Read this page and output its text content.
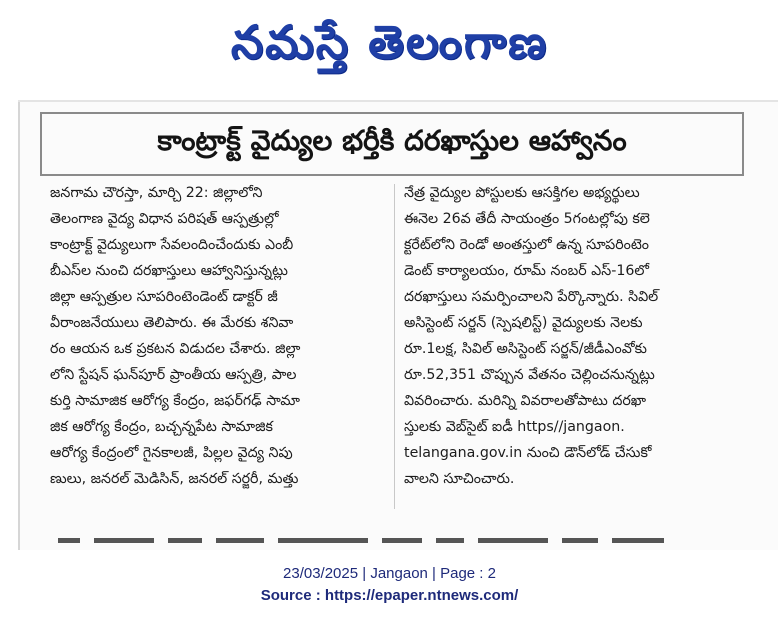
నమస్తే తెలంగాణ
కాంట్రాక్ట్ వైద్యుల భర్తీకి దరఖాస్తుల ఆహ్వానం
జనగామ చౌరస్తా, మార్చి 22: జిల్లాలోని
తెలంగాణ వైద్య విధాన పరిషత్ ఆస్పత్రుల్లో
కాంట్రాక్ట్ వైద్యులుగా సేవలందించేందుకు ఎంబీ
బీఎస్‌ల నుంచి దరఖాస్తులు ఆహ్వానిస్తున్నట్లు
జిల్లా ఆస్పత్రుల సూపరింటెండెంట్ డాక్టర్ జీ
వీరాంజనేయులు తెలిపారు. ఈ మేరకు శనివా
రం ఆయన ఒక ప్రకటన విడుదల చేశారు. జిల్లా
లోని స్టేషన్ ఘన్‌పూర్ ప్రాంతీయ ఆస్పత్రి, పాల
కుర్తి సామాజిక ఆరోగ్య కేంద్రం, జఫర్‌గఢ్ సామా
జిక ఆరోగ్య కేంద్రం, బచ్చన్నపేట సామాజిక
ఆరోగ్య కేంద్రంలో గైనకాలజీ, పిల్లల వైద్య నిపు
ణులు, జనరల్ మెడిసిన్, జనరల్ సర్జరీ, మత్తు
నేత్ర వైద్యుల పోస్టులకు ఆసక్తిగల అభ్యర్థులు
ఈనెల 26వ తేదీ సాయంత్రం 5గంటల్లోపు కలె
క్టరేట్‌లోని రెండో అంతస్తులో ఉన్న సూపరింటెం
డెంట్ కార్యాలయం, రూమ్ నంబర్ ఎస్-16లో
దరఖాస్తులు సమర్పించాలని పేర్కొన్నారు. సివిల్
అసిస్టెంట్ సర్జన్ (స్పెషలిస్ట్) వైద్యులకు నెలకు
రూ.1లక్ష, సివిల్ అసిస్టెంట్ సర్జన్/జీడీఎంవోకు
రూ.52,351 చొప్పున వేతనం చెల్లించనున్నట్లు
వివరించారు. మరిన్ని వివరాలతోపాటు దరఖా
స్తులకు వెబ్‌సైట్ ఐడీ https//jangaon.
telangana.gov.in నుంచి డౌన్‌లోడ్ చేసుకో
వాలని సూచించారు.
23/03/2025 | Jangaon | Page : 2
Source : https://epaper.ntnews.com/
